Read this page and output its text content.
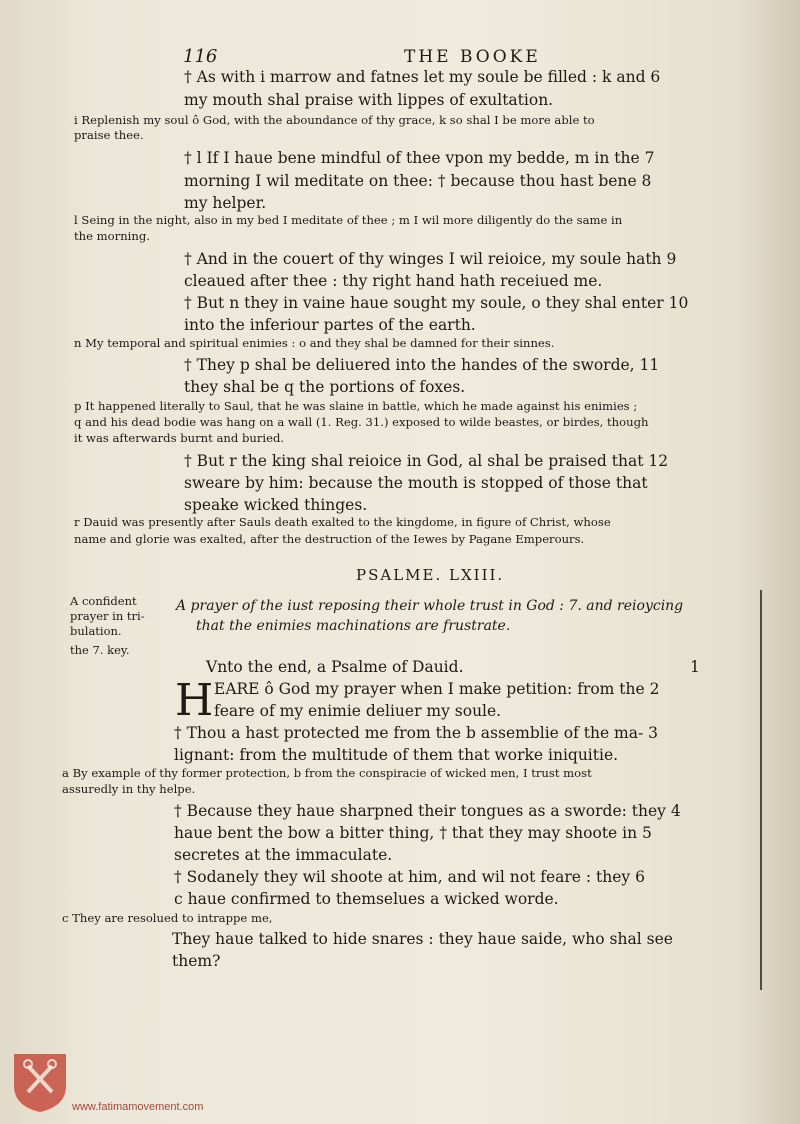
116	THE BOOKE
† As with i marrow and fatnes let my soule be filled : k and 6
my mouth shal praise with lippes of exultation.
i Replenish my soul ô God, with the aboundance of thy grace, k so shal I be more able to
praise thee.
† l If I haue bene mindful of thee vpon my bedde, m in the 7
morning I wil meditate on thee: † because thou hast bene 8
my helper.
l Seing in the night, also in my bed I meditate of thee ; m I wil more diligently do the same in
the morning.
† And in the couert of thy winges I wil reioice, my soule hath 9
cleaued after thee : thy right hand hath receiued me.
† But n they in vaine haue sought my soule, o they shal enter 10
into the inferiour partes of the earth.
n My temporal and spiritual enimies : o and they shal be damned for their sinnes.
† They p shal be deliuered into the handes of the sworde, 11
they shal be q the portions of foxes.
p It happened literally to Saul, that he was slaine in battle, which he made against his enimies ;
q and his dead bodie was hang on a wall (1. Reg. 31.) exposed to wilde beastes, or birdes, though
it was afterwards burnt and buried.
† But r the king shal reioice in God, al shal be praised that 12
sweare by him: because the mouth is stopped of those that
speake wicked thinges.
r Dauid was presently after Sauls death exalted to the kingdome, in figure of Christ, whose
name and glorie was exalted, after the destruction of the Iewes by Pagane Emperours.
PSALME. LXIII.
A confident
prayer in tri-
bulation.
the 7. key.
A prayer of the iust reposing their whole trust in God : 7. and reioycing
that the enimies machinations are frustrate.
Vnto the end, a Psalme of Dauid.	1
H EARE ô God my prayer when I make petition: from the 2
feare of my enimie deliuer my soule.
† Thou a hast protected me from the b assemblie of the ma- 3
lignant: from the multitude of them that worke iniquitie.
a By example of thy former protection, b from the conspiracie of wicked men, I trust most
assuredly in thy helpe.
† Because they haue sharpned their tongues as a sworde: they 4
haue bent the bow a bitter thing, † that they may shoote in 5
secretes at the immaculate.
† Sodanely they wil shoote at him, and wil not feare : they 6
c haue confirmed to themselues a wicked worde.
c They are resolued to intrappe me,
They haue talked to hide snares : they haue saide, who shal see
them?
www.fatimamovement.com
